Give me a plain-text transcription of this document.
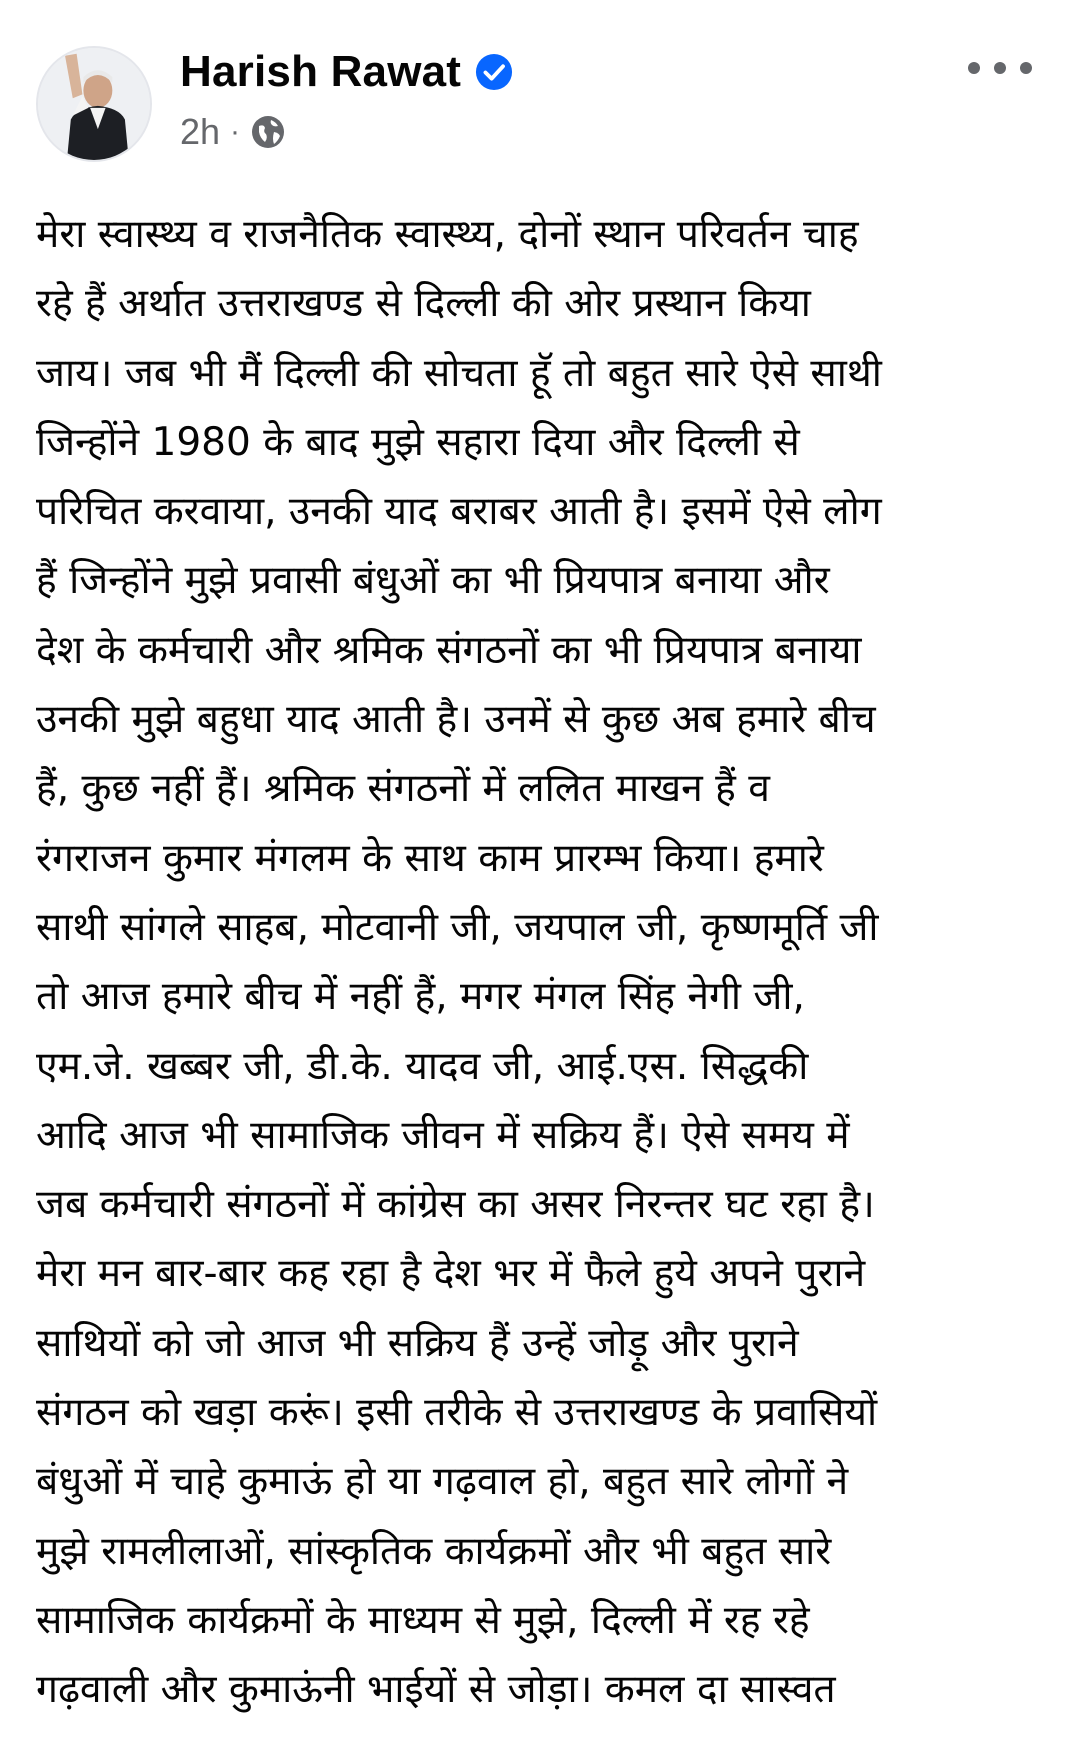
Harish Rawat
2h ·
मेरा स्वास्थ्य व राजनैतिक स्वास्थ्य, दोनों स्थान परिवर्तन चाह
रहे हैं अर्थात उत्तराखण्ड से दिल्ली की ओर प्रस्थान किया
जाय। जब भी मैं दिल्ली की सोचता हूॅ तो बहुत सारे ऐसे साथी
जिन्होंने 1980 के बाद मुझे सहारा दिया और दिल्ली से
परिचित करवाया, उनकी याद बराबर आती है। इसमें ऐसे लोग
हैं जिन्होंने मुझे प्रवासी बंधुओं का भी प्रियपात्र बनाया और
देश के कर्मचारी और श्रमिक संगठनों का भी प्रियपात्र बनाया
उनकी मुझे बहुधा याद आती है। उनमें से कुछ अब हमारे बीच
हैं, कुछ नहीं हैं। श्रमिक संगठनों में ललित माखन हैं व
रंगराजन कुमार मंगलम के साथ काम प्रारम्भ किया। हमारे
साथी सांगले साहब, मोटवानी जी, जयपाल जी, कृष्णमूर्ति जी
तो आज हमारे बीच में नहीं हैं, मगर मंगल सिंह नेगी जी,
एम.जे. खब्बर जी, डी.के. यादव जी, आई.एस. सिद्धकी
आदि आज भी सामाजिक जीवन में सक्रिय हैं। ऐसे समय में
जब कर्मचारी संगठनों में कांग्रेस का असर निरन्तर घट रहा है।
मेरा मन बार-बार कह रहा है देश भर में फैले हुये अपने पुराने
साथियों को जो आज भी सक्रिय हैं उन्हें जोड़ू और पुराने
संगठन को खड़ा करूं। इसी तरीके से उत्तराखण्ड के प्रवासियों
बंधुओं में चाहे कुमाऊं हो या गढ़वाल हो, बहुत सारे लोगों ने
मुझे रामलीलाओं, सांस्कृतिक कार्यक्रमों और भी बहुत सारे
सामाजिक कार्यक्रमों के माध्यम से मुझे, दिल्ली में रह रहे
गढ़वाली और कुमाऊंनी भाईयों से जोड़ा। कमल दा सास्वत
